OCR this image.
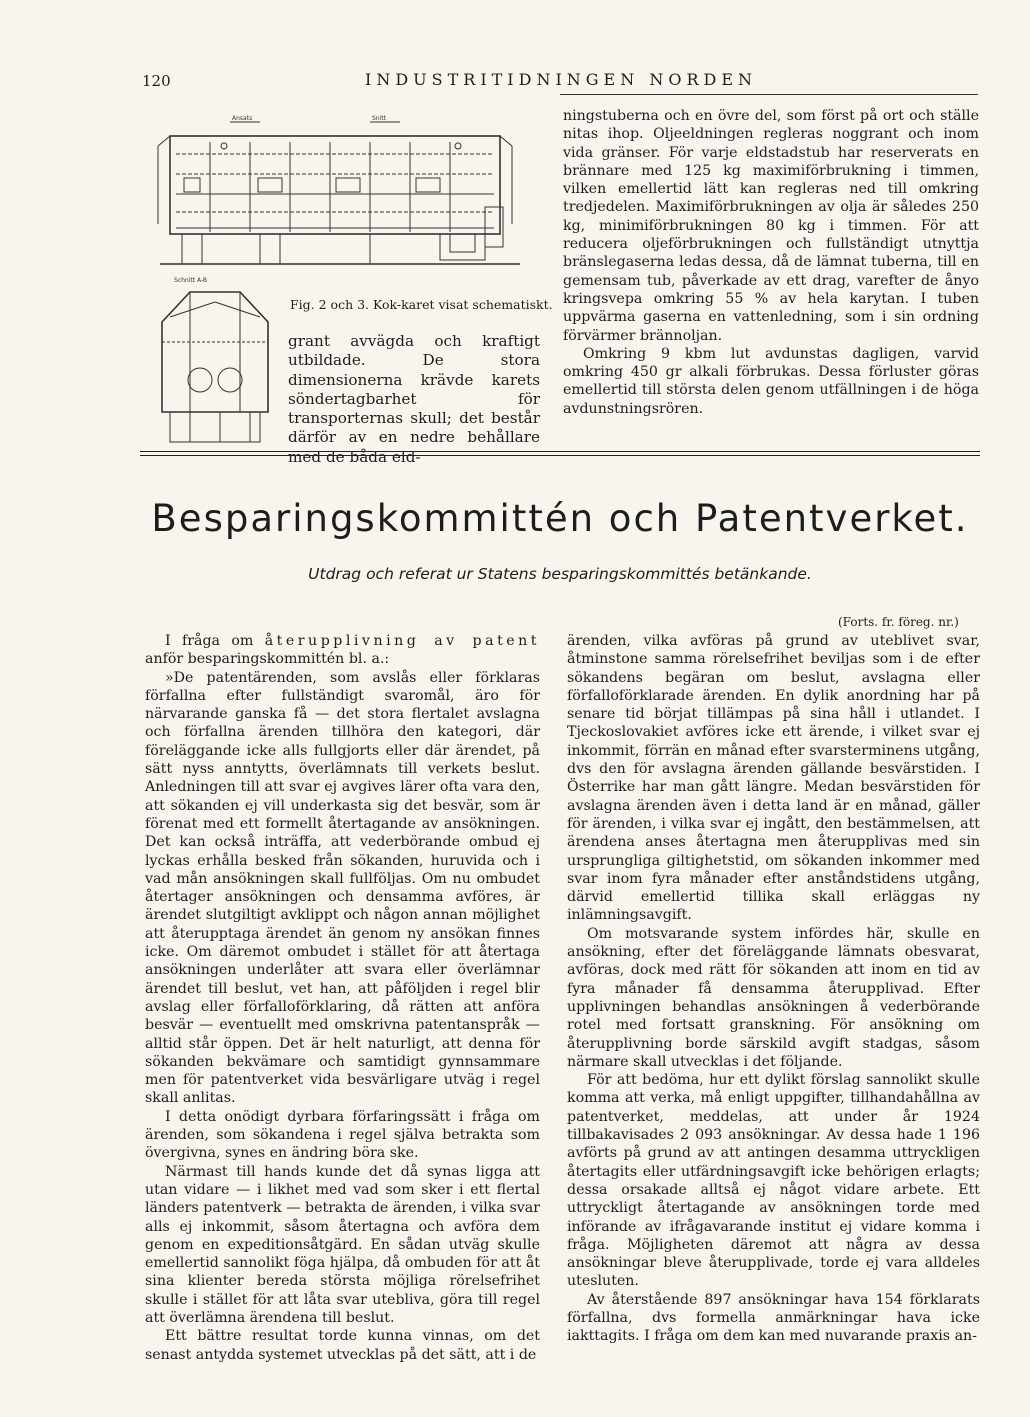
120	INDUSTRITIDNINGEN NORDEN
Ansats	Snitt
Schnitt A-B
Fig. 2 och 3. Kok-karet visat schematiskt.
grant avvägda och kraftigt utbildade. De stora dimensionerna krävde karets söndertagbarhet för transporternas skull; det består därför av en nedre behållare med de båda eld-

ningstuberna och en övre del, som först på ort och ställe nitas ihop. Oljeeldningen regleras noggrant och inom vida gränser. För varje eldstadstub har reserverats en brännare med 125 kg maximiförbrukning i timmen, vilken emellertid lätt kan regleras ned till omkring tredjedelen. Maximiförbrukningen av olja är således 250 kg, minimiförbrukningen 80 kg i timmen. För att reducera oljeförbrukningen och fullständigt utnyttja bränslegaserna ledas dessa, då de lämnat tuberna, till en gemensam tub, påverkade av ett drag, varefter de ånyo kringsvepa omkring 55 % av hela karytan. I tuben uppvärma gaserna en vattenledning, som i sin ordning förvärmer brännoljan.

Omkring 9 kbm lut avdunstas dagligen, varvid omkring 450 gr alkali förbrukas. Dessa förluster göras emellertid till största delen genom utfällningen i de höga avdunstningsrören.

Besparingskommittén och Patentverket.
Utdrag och referat ur Statens besparingskommittés betänkande.
(Forts. fr. föreg. nr.)

I fråga om återupplivning av patent anför besparingskommittén bl. a.:

»De patentärenden, som avslås eller förklaras förfallna efter fullständigt svaromål, äro för närvarande ganska få — det stora flertalet avslagna och förfallna ärenden tillhöra den kategori, där föreläggande icke alls fullgjorts eller där ärendet, på sätt nyss anntytts, överlämnats till verkets beslut. Anledningen till att svar ej avgives lärer ofta vara den, att sökanden ej vill underkasta sig det besvär, som är förenat med ett formellt återtagande av ansökningen. Det kan också inträffa, att vederbörande ombud ej lyckas erhålla besked från sökanden, huruvida och i vad mån ansökningen skall fullföljas. Om nu ombudet återtager ansökningen och densamma avföres, är ärendet slutgiltigt avklippt och någon annan möjlighet att återupptaga ärendet än genom ny ansökan finnes icke. Om däremot ombudet i stället för att återtaga ansökningen underlåter att svara eller överlämnar ärendet till beslut, vet han, att påföljden i regel blir avslag eller förfalloförklaring, då rätten att anföra besvär — eventuellt med omskrivna patentanspråk — alltid står öppen. Det är helt naturligt, att denna för sökanden bekvämare och samtidigt gynnsammare men för patentverket vida besvärligare utväg i regel skall anlitas.

I detta onödigt dyrbara förfaringssätt i fråga om ärenden, som sökandena i regel själva betrakta som övergivna, synes en ändring böra ske.

Närmast till hands kunde det då synas ligga att utan vidare — i likhet med vad som sker i ett flertal länders patentverk — betrakta de ärenden, i vilka svar alls ej inkommit, såsom återtagna och avföra dem genom en expeditionsåtgärd. En sådan utväg skulle emellertid sannolikt föga hjälpa, då ombuden för att åt sina klienter bereda största möjliga rörelsefrihet skulle i stället för att låta svar utebliva, göra till regel att överlämna ärendena till beslut.

Ett bättre resultat torde kunna vinnas, om det senast antydda systemet utvecklas på det sätt, att i de

ärenden, vilka avföras på grund av uteblivet svar, åtminstone samma rörelsefrihet beviljas som i de efter sökandens begäran om beslut, avslagna eller förfalloförklarade ärenden. En dylik anordning har på senare tid börjat tillämpas på sina håll i utlandet. I Tjeckoslovakiet avföres icke ett ärende, i vilket svar ej inkommit, förrän en månad efter svarsterminens utgång, dvs den för avslagna ärenden gällande besvärstiden. I Österrike har man gått längre. Medan besvärstiden för avslagna ärenden även i detta land är en månad, gäller för ärenden, i vilka svar ej ingått, den bestämmelsen, att ärendena anses återtagna men återupplivas med sin ursprungliga giltighetstid, om sökanden inkommer med svar inom fyra månader efter anståndstidens utgång, därvid emellertid tillika skall erläggas ny inlämningsavgift.

Om motsvarande system infördes här, skulle en ansökning, efter det föreläggande lämnats obesvarat, avföras, dock med rätt för sökanden att inom en tid av fyra månader få densamma återupplivad. Efter upplivningen behandlas ansökningen å vederbörande rotel med fortsatt granskning. För ansökning om återupplivning borde särskild avgift stadgas, såsom närmare skall utvecklas i det följande.

För att bedöma, hur ett dylikt förslag sannolikt skulle komma att verka, må enligt uppgifter, tillhandahållna av patentverket, meddelas, att under år 1924 tillbakavisades 2 093 ansökningar. Av dessa hade 1 196 avförts på grund av att antingen desamma uttryckligen återtagits eller utfärdningsavgift icke behörigen erlagts; dessa orsakade alltså ej något vidare arbete. Ett uttryckligt återtagande av ansökningen torde med införande av ifrågavarande institut ej vidare komma i fråga. Möjligheten däremot att några av dessa ansökningar bleve återupplivade, torde ej vara alldeles utesluten.

Av återstående 897 ansökningar hava 154 förklarats förfallna, dvs formella anmärkningar hava icke iakttagits. I fråga om dem kan med nuvarande praxis an-
